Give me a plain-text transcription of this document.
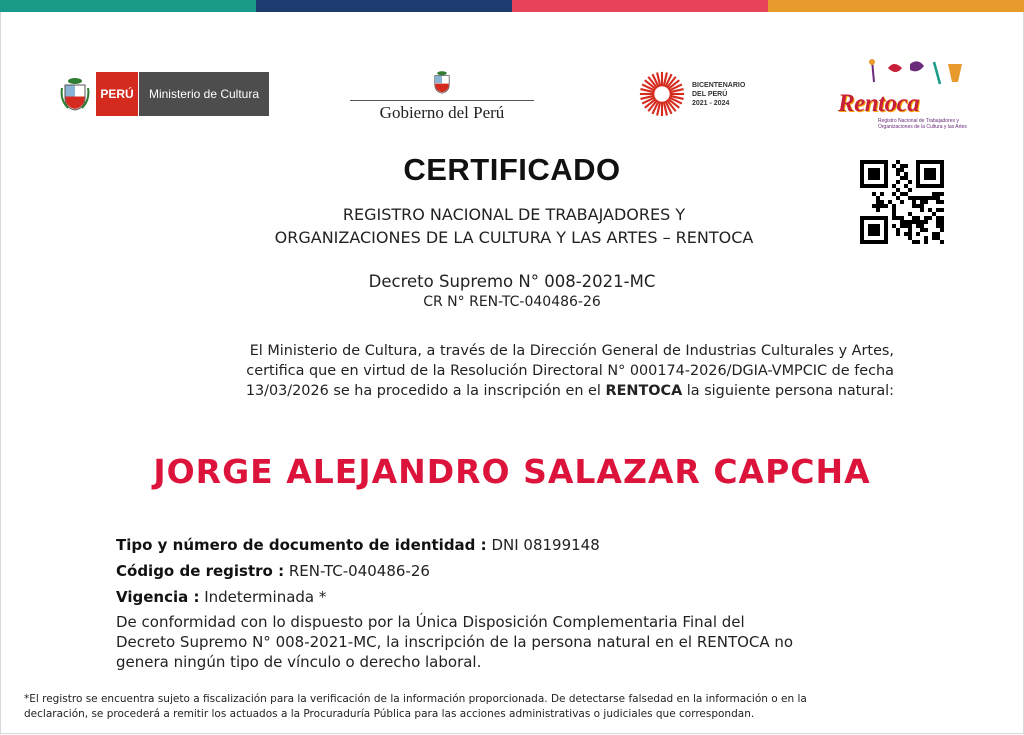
PERÚ	Ministerio de Cultura
Gobierno del Perú
BICENTENARIO
DEL PERÚ
2021 - 2024	Rentoca
Registro Nacional de Trabajadores y Organizaciones de la Cultura y las Artes
CERTIFICADO
REGISTRO NACIONAL DE TRABAJADORES Y
ORGANIZACIONES DE LA CULTURA Y LAS ARTES – RENTOCA
Decreto Supremo N° 008-2021-MC
CR N° REN-TC-040486-26
El Ministerio de Cultura, a través de la Dirección General de Industrias Culturales y Artes,
certifica que en virtud de la Resolución Directoral N° 000174-2026/DGIA-VMPCIC de fecha
13/03/2026 se ha procedido a la inscripción en el RENTOCA la siguiente persona natural:
JORGE ALEJANDRO SALAZAR CAPCHA
Tipo y número de documento de identidad : DNI 08199148
Código de registro : REN-TC-040486-26
Vigencia : Indeterminada *
De conformidad con lo dispuesto por la Única Disposición Complementaria Final del
Decreto Supremo N° 008-2021-MC, la inscripción de la persona natural en el RENTOCA no
genera ningún tipo de vínculo o derecho laboral.
*El registro se encuentra sujeto a fiscalización para la verificación de la información proporcionada. De detectarse falsedad en la información o en la
declaración, se procederá a remitir los actuados a la Procuraduría Pública para las acciones administrativas o judiciales que correspondan.
